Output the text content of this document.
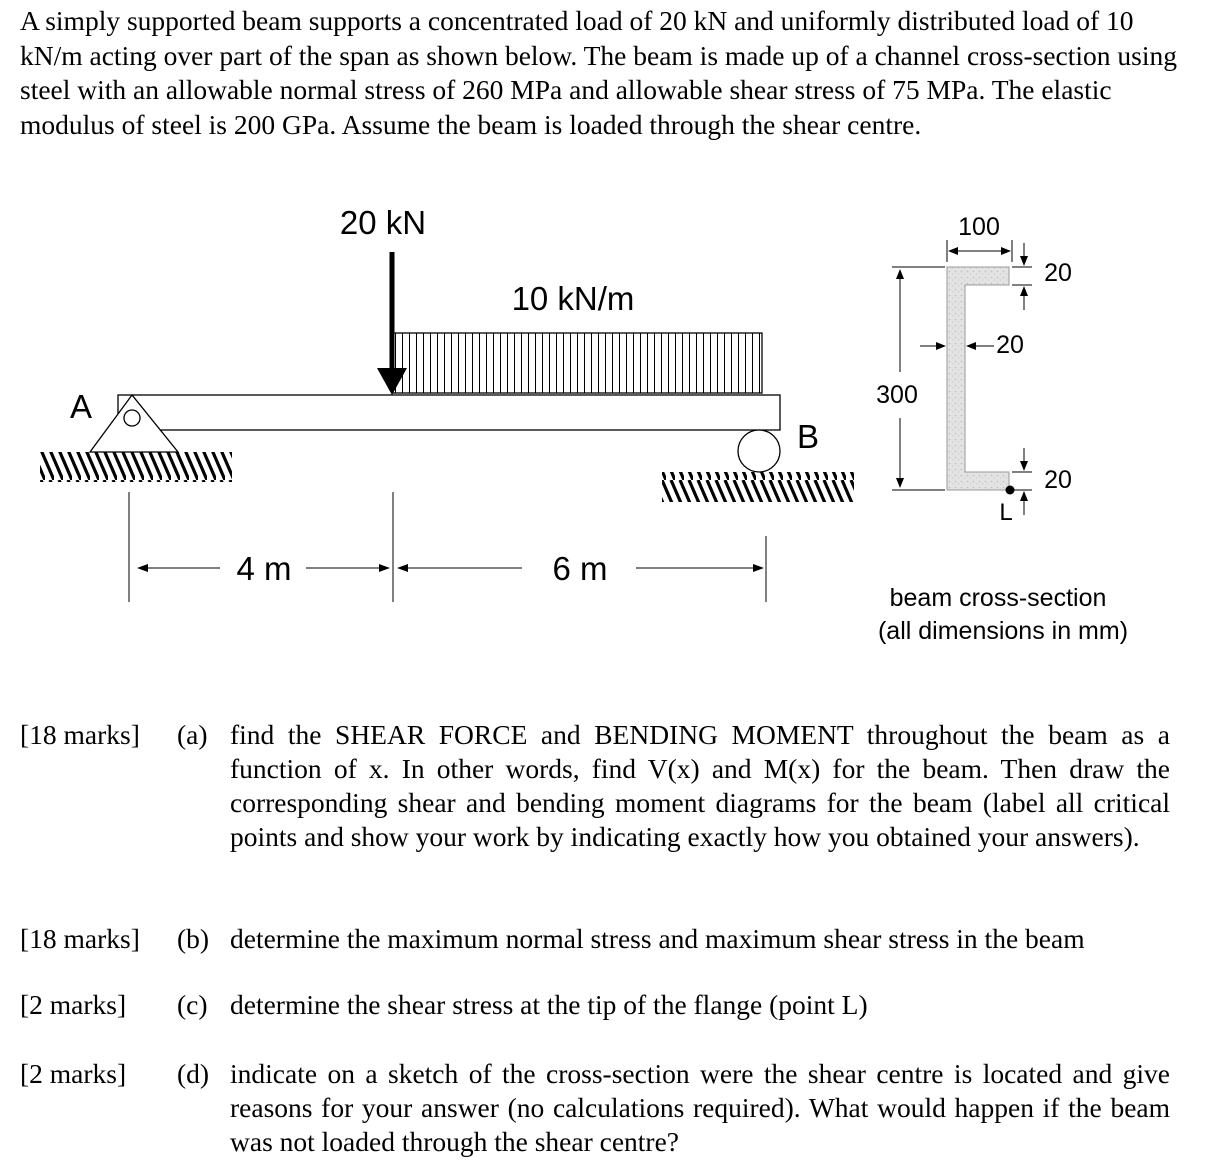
A simply supported beam supports a concentrated load of 20 kN and uniformly distributed load of 10 kN/m acting over part of the span as shown below. The beam is made up of a channel cross-section using steel with an allowable normal stress of 260 MPa and allowable shear stress of 75 MPa. The elastic modulus of steel is 200 GPa. Assume the beam is loaded through the shear centre.

20 kN
10 kN/m
A
B
4 m	6 m
300
100
20
20
20
L
beam cross-section
(all dimensions in mm)
[18 marks] (a) find the SHEAR FORCE and BENDING MOMENT throughout the beam as a function of x. In other words, find V(x) and M(x) for the beam. Then draw the corresponding shear and bending moment diagrams for the beam (label all critical points and show your work by indicating exactly how you obtained your answers).
[18 marks] (b) determine the maximum normal stress and maximum shear stress in the beam
[2 marks] (c) determine the shear stress at the tip of the flange (point L)
[2 marks] (d) indicate on a sketch of the cross-section were the shear centre is located and give reasons for your answer (no calculations required). What would happen if the beam was not loaded through the shear centre?
